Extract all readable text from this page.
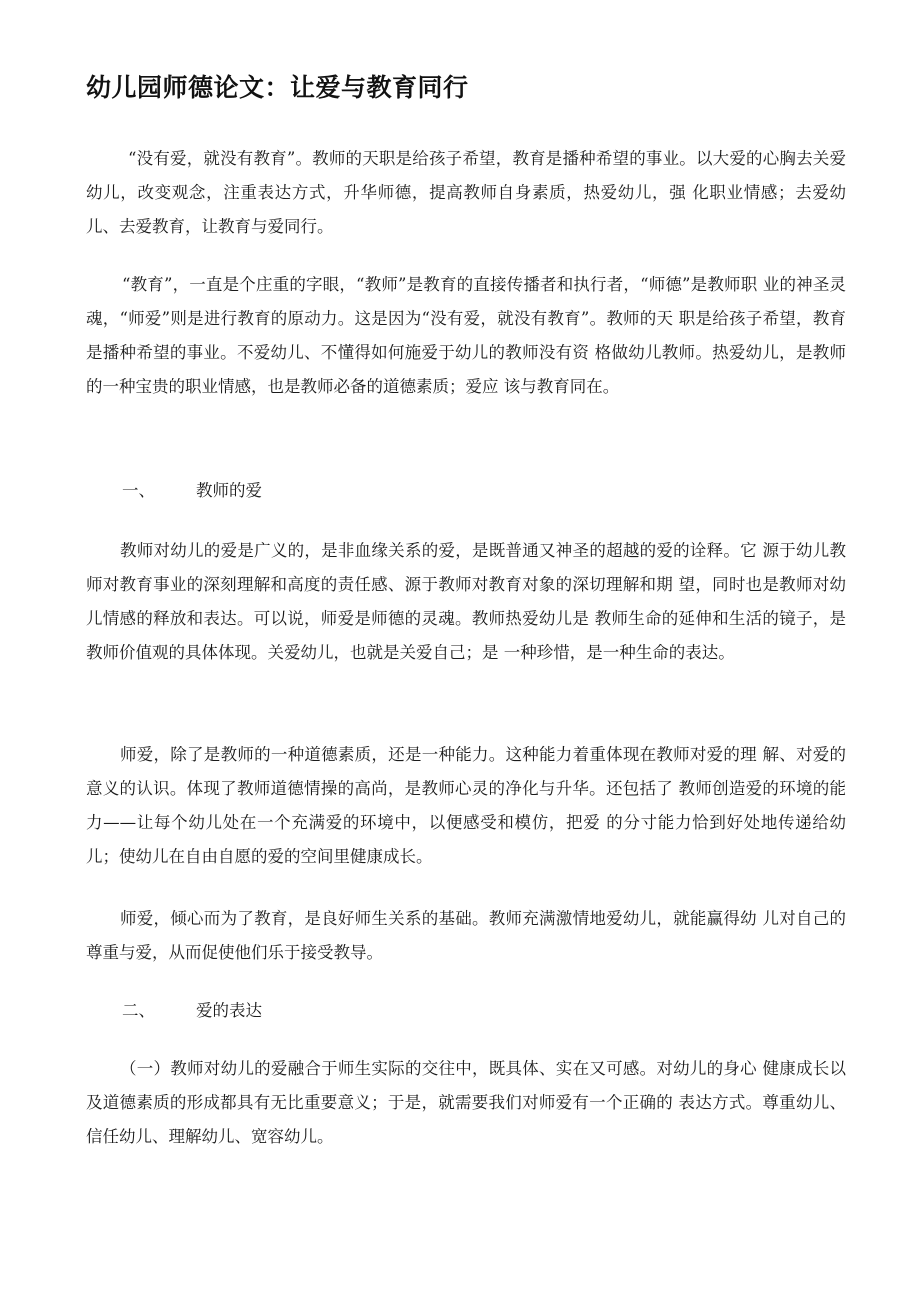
幼儿园师德论文：让爱与教育同行

“没有爱，就没有教育”。教师的天职是给孩子希望，教育是播种希望的事业。以大爱的心胸去关爱幼儿，改变观念，注重表达方式，升华师德，提高教师自身素质，热爱幼儿，强 化职业情感；去爱幼儿、去爱教育，让教育与爱同行。

“教育”，一直是个庄重的字眼，“教师”是教育的直接传播者和执行者，“师德”是教师职 业的神圣灵魂，“师爱”则是进行教育的原动力。这是因为“没有爱，就没有教育”。教师的天 职是给孩子希望，教育是播种希望的事业。不爱幼儿、不懂得如何施爱于幼儿的教师没有资 格做幼儿教师。热爱幼儿，是教师的一种宝贵的职业情感，也是教师必备的道德素质；爱应 该与教育同在。

一、 教师的爱

教师对幼儿的爱是广义的，是非血缘关系的爱，是既普通又神圣的超越的爱的诠释。它 源于幼儿教师对教育事业的深刻理解和高度的责任感、源于教师对教育对象的深切理解和期 望，同时也是教师对幼儿情感的释放和表达。可以说，师爱是师德的灵魂。教师热爱幼儿是 教师生命的延伸和生活的镜子，是教师价值观的具体体现。关爱幼儿，也就是关爱自己；是 一种珍惜，是一种生命的表达。

师爱，除了是教师的一种道德素质，还是一种能力。这种能力着重体现在教师对爱的理 解、对爱的意义的认识。体现了教师道德情操的高尚，是教师心灵的净化与升华。还包括了 教师创造爱的环境的能力——让每个幼儿处在一个充满爱的环境中，以便感受和模仿，把爱 的分寸能力恰到好处地传递给幼儿；使幼儿在自由自愿的爱的空间里健康成长。

师爱，倾心而为了教育，是良好师生关系的基础。教师充满激情地爱幼儿，就能赢得幼 儿对自己的尊重与爱，从而促使他们乐于接受教导。

二、 爱的表达

（一）教师对幼儿的爱融合于师生实际的交往中，既具体、实在又可感。对幼儿的身心 健康成长以及道德素质的形成都具有无比重要意义；于是，就需要我们对师爱有一个正确的 表达方式。尊重幼儿、信任幼儿、理解幼儿、宽容幼儿。
